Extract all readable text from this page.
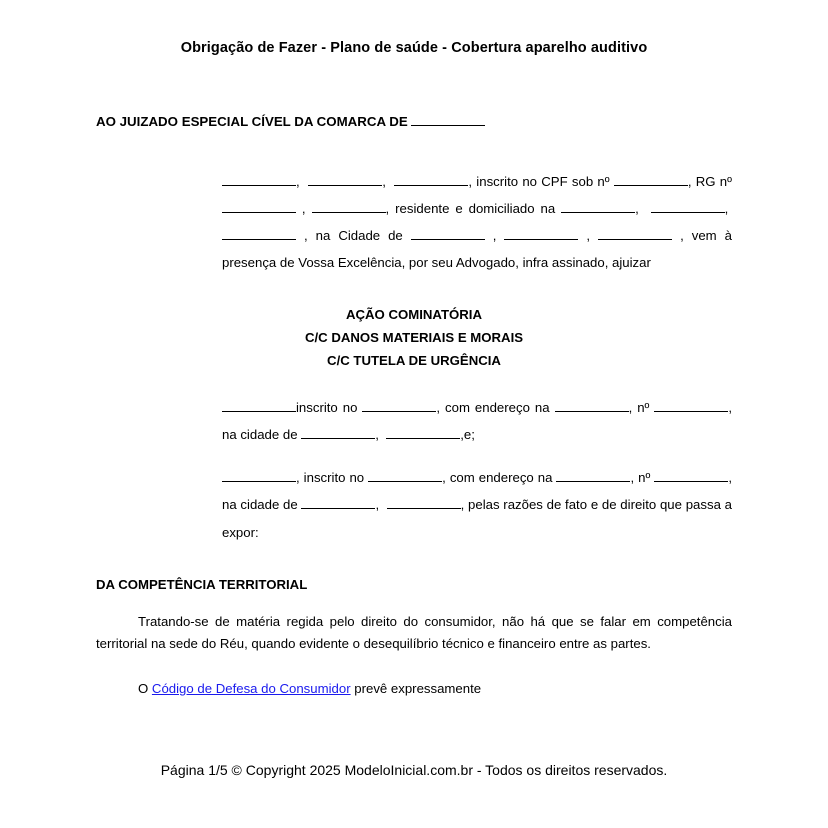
Obrigação de Fazer - Plano de saúde - Cobertura aparelho auditivo
AO JUIZADO ESPECIAL CÍVEL DA COMARCA DE

,	,	, inscrito no CPF sob nº	, RG nº  ,	, residente e domiciliado na	,	,   , na Cidade de	,	,	, vem à presença de Vossa Excelência, por seu Advogado, infra assinado, ajuizar

AÇÃO COMINATÓRIA

C/C DANOS MATERIAIS E MORAIS

C/C TUTELA DE URGÊNCIA

inscrito no	, com endereço na	, nº	, na cidade de	,	,e;

, inscrito no	, com endereço na	, nº	, na cidade de	,	, pelas razões de fato e de direito que passa a expor:

DA COMPETÊNCIA TERRITORIAL

Tratando-se de matéria regida pelo direito do consumidor, não há que se falar em competência territorial na sede do Réu, quando evidente o desequilíbrio técnico e financeiro entre as partes.

O Código de Defesa do Consumidor prevê expressamente

Página 1/5 © Copyright 2025 ModeloInicial.com.br - Todos os direitos reservados.
